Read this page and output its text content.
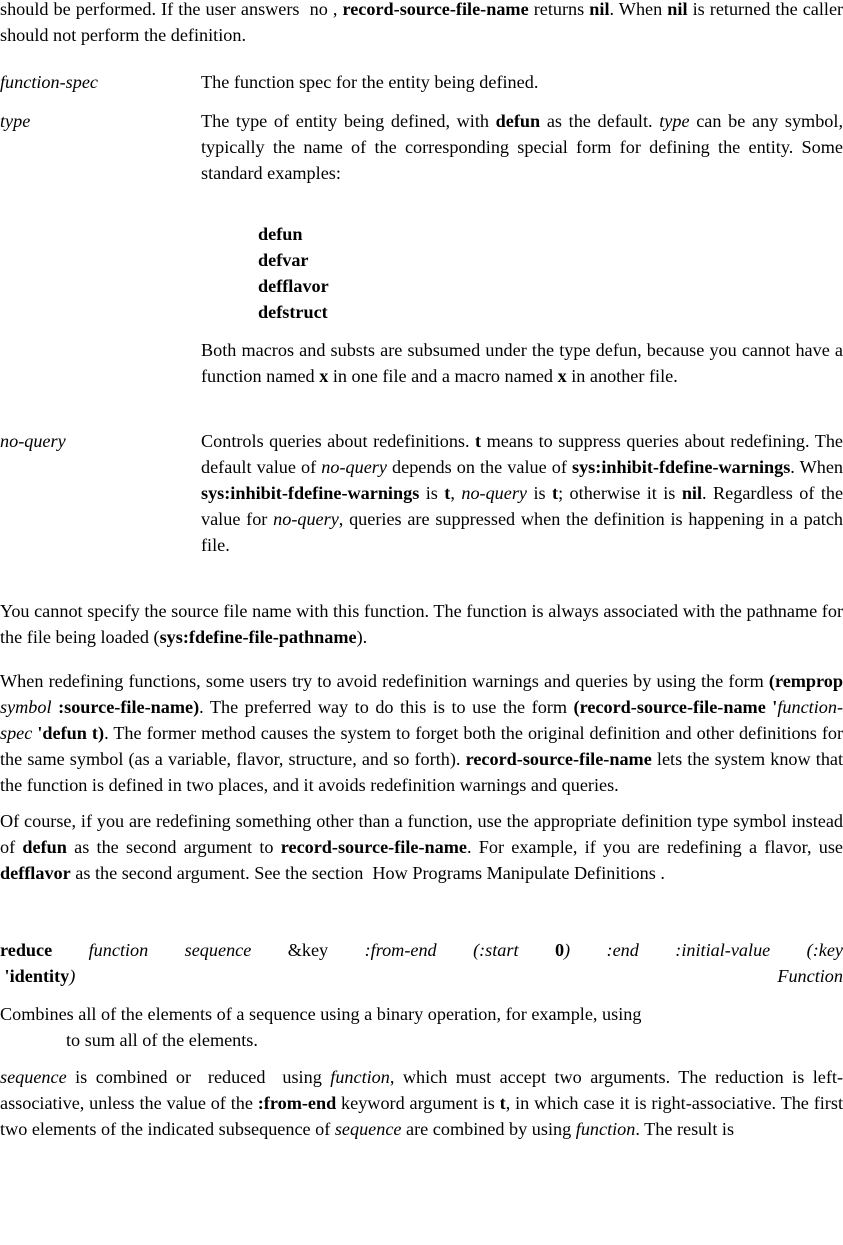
should be performed. If the user answers no , record-source-file-name returns nil. When nil is returned the caller should not perform the definition.

function-spec	The function spec for the entity being defined.

type	The type of entity being defined, with defun as the default. type can be any symbol, typically the name of the corresponding special form for defining the entity. Some standard examples:

defun
defvar
defflavor
defstruct

Both macros and substs are subsumed under the type defun, because you cannot have a function named x in one file and a macro named x in another file.

no-query	Controls queries about redefinitions. t means to suppress queries about redefining. The default value of no-query depends on the value of sys:inhibit-fdefine-warnings. When sys:inhibit-fdefine-warnings is t, no-query is t; otherwise it is nil. Regardless of the value for no-query, queries are suppressed when the definition is happening in a patch file.

You cannot specify the source file name with this function. The function is always associated with the pathname for the file being loaded (sys:fdefine-file-pathname).

When redefining functions, some users try to avoid redefinition warnings and queries by using the form (remprop symbol :source-file-name). The preferred way to do this is to use the form (record-source-file-name 'function-spec 'defun t). The former method causes the system to forget both the original definition and other definitions for the same symbol (as a variable, flavor, structure, and so forth). record-source-file-name lets the system know that the function is defined in two places, and it avoids redefinition warnings and queries.

Of course, if you are redefining something other than a function, use the appropriate definition type symbol instead of defun as the second argument to record-source-file-name. For example, if you are redefining a flavor, use defflavor as the second argument. See the section How Programs Manipulate Definitions .

reduce function sequence &key :from-end (:start 0) :end :initial-value (:key

'identity)	Function

Combines all of the elements of a sequence using a binary operation, for example, using
to sum all of the elements.

sequence is combined or reduced using function, which must accept two arguments. The reduction is left-associative, unless the value of the :from-end keyword argument is t, in which case it is right-associative. The first two elements of the indicated subsequence of sequence are combined by using function. The result is
